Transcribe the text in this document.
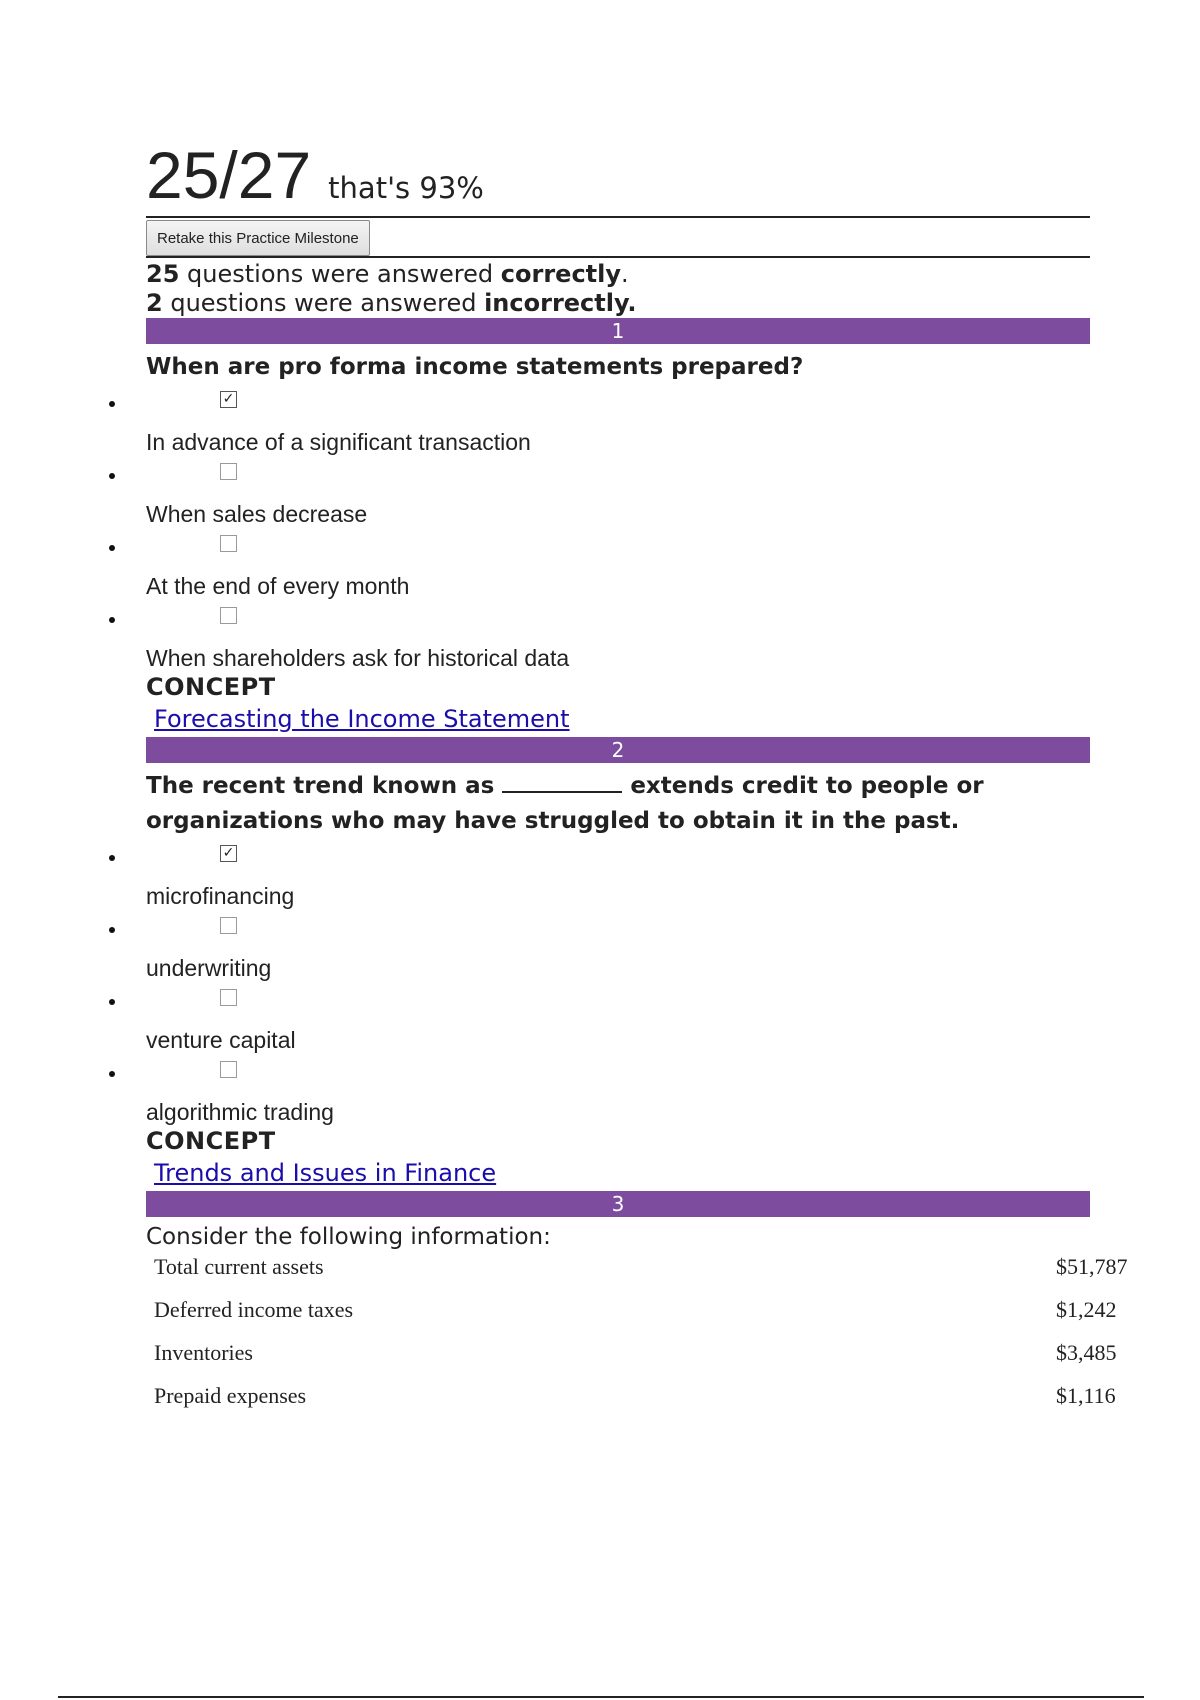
25/27 that's 93%
Retake this Practice Milestone
25 questions were answered correctly.
2 questions were answered incorrectly.
1
When are pro forma income statements prepared?
✓
In advance of a significant transaction
When sales decrease
At the end of every month
When shareholders ask for historical data
CONCEPT
Forecasting the Income Statement
2
The recent trend known as	extends credit to people or organizations who may have struggled to obtain it in the past.
✓
microfinancing
underwriting
venture capital
algorithmic trading
CONCEPT
Trends and Issues in Finance
3
Consider the following information:
Total current assets	$51,787
Deferred income taxes	$1,242
Inventories	$3,485
Prepaid expenses	$1,116
